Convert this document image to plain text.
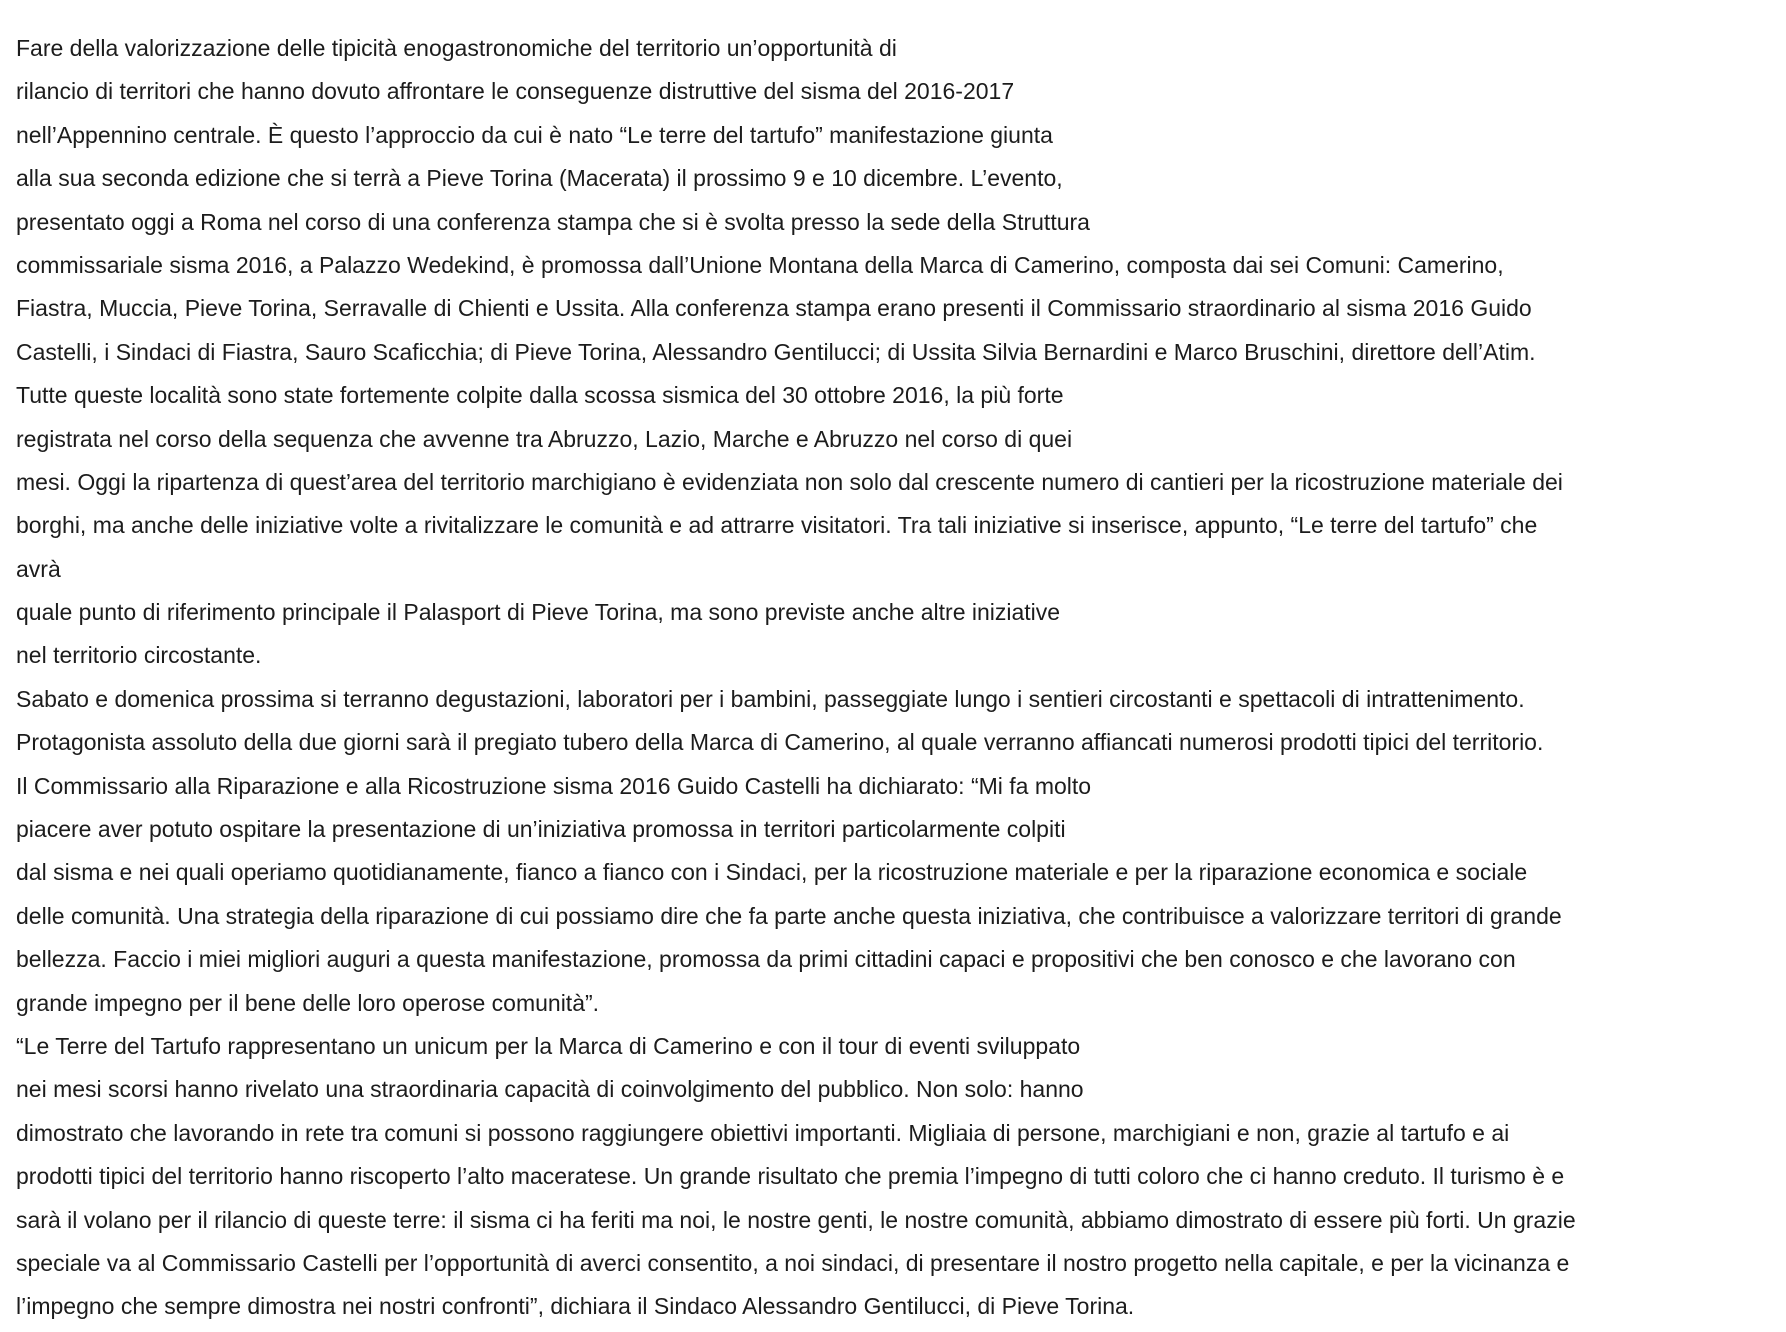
Fare della valorizzazione delle tipicità enogastronomiche del territorio un’opportunità di
rilancio di territori che hanno dovuto affrontare le conseguenze distruttive del sisma del 2016-2017
nell’Appennino centrale. È questo l’approccio da cui è nato “Le terre del tartufo” manifestazione giunta
alla sua seconda edizione che si terrà a Pieve Torina (Macerata) il prossimo 9 e 10 dicembre. L’evento,
presentato oggi a Roma nel corso di una conferenza stampa che si è svolta presso la sede della Struttura
commissariale sisma 2016, a Palazzo Wedekind, è promossa dall’Unione Montana della Marca di Camerino, composta dai sei Comuni: Camerino,
Fiastra, Muccia, Pieve Torina, Serravalle di Chienti e Ussita. Alla conferenza stampa erano presenti il Commissario straordinario al sisma 2016 Guido
Castelli, i Sindaci di Fiastra, Sauro Scaficchia; di Pieve Torina, Alessandro Gentilucci; di Ussita Silvia Bernardini e Marco Bruschini, direttore dell’Atim.
Tutte queste località sono state fortemente colpite dalla scossa sismica del 30 ottobre 2016, la più forte
registrata nel corso della sequenza che avvenne tra Abruzzo, Lazio, Marche e Abruzzo nel corso di quei
mesi. Oggi la ripartenza di quest’area del territorio marchigiano è evidenziata non solo dal crescente numero di cantieri per la ricostruzione materiale dei
borghi, ma anche delle iniziative volte a rivitalizzare le comunità e ad attrarre visitatori. Tra tali iniziative si inserisce, appunto, “Le terre del tartufo” che
avrà
quale punto di riferimento principale il Palasport di Pieve Torina, ma sono previste anche altre iniziative
nel territorio circostante.
Sabato e domenica prossima si terranno degustazioni, laboratori per i bambini, passeggiate lungo i sentieri circostanti e spettacoli di intrattenimento.
Protagonista assoluto della due giorni sarà il pregiato tubero della Marca di Camerino, al quale verranno affiancati numerosi prodotti tipici del territorio.
Il Commissario alla Riparazione e alla Ricostruzione sisma 2016 Guido Castelli ha dichiarato: “Mi fa molto
piacere aver potuto ospitare la presentazione di un’iniziativa promossa in territori particolarmente colpiti
dal sisma e nei quali operiamo quotidianamente, fianco a fianco con i Sindaci, per la ricostruzione materiale e per la riparazione economica e sociale
delle comunità. Una strategia della riparazione di cui possiamo dire che fa parte anche questa iniziativa, che contribuisce a valorizzare territori di grande
bellezza. Faccio i miei migliori auguri a questa manifestazione, promossa da primi cittadini capaci e propositivi che ben conosco e che lavorano con
grande impegno per il bene delle loro operose comunità”.
“Le Terre del Tartufo rappresentano un unicum per la Marca di Camerino e con il tour di eventi sviluppato
nei mesi scorsi hanno rivelato una straordinaria capacità di coinvolgimento del pubblico. Non solo: hanno
dimostrato che lavorando in rete tra comuni si possono raggiungere obiettivi importanti. Migliaia di persone, marchigiani e non, grazie al tartufo e ai
prodotti tipici del territorio hanno riscoperto l’alto maceratese. Un grande risultato che premia l’impegno di tutti coloro che ci hanno creduto. Il turismo è e
sarà il volano per il rilancio di queste terre: il sisma ci ha feriti ma noi, le nostre genti, le nostre comunità, abbiamo dimostrato di essere più forti. Un grazie
speciale va al Commissario Castelli per l’opportunità di averci consentito, a noi sindaci, di presentare il nostro progetto nella capitale, e per la vicinanza e
l’impegno che sempre dimostra nei nostri confronti”, dichiara il Sindaco Alessandro Gentilucci, di Pieve Torina.
